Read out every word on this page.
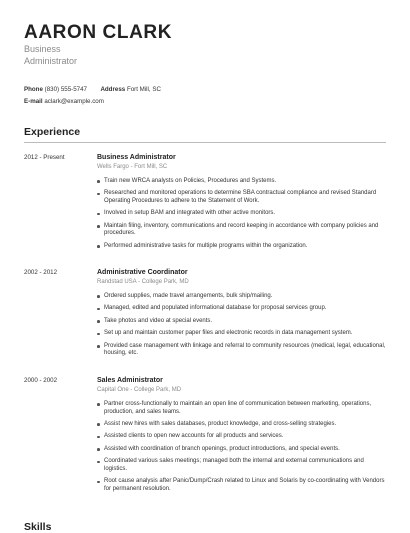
AARON CLARK
Business
Administrator
Phone (830) 555-5747 Address Fort Mill, SC
E-mail aclark@example.com
Experience
2012 - Present	Business Administrator
Wells Fargo - Fort Mill, SC
Train new WRCA analysts on Policies, Procedures and Systems.
Researched and monitored operations to determine SBA contractual compliance and revised Standard Operating Procedures to adhere to the Statement of Work.
Involved in setup BAM and integrated with other active monitors.
Maintain filing, inventory, communications and record keeping in accordance with company policies and procedures.
Performed administrative tasks for multiple programs within the organization.
2002 - 2012	Administrative Coordinator
Randstad USA - College Park, MD
Ordered supplies, made travel arrangements, bulk ship/mailing.
Managed, edited and populated informational database for proposal services group.
Take photos and video at special events.
Set up and maintain customer paper files and electronic records in data management system.
Provided case management with linkage and referral to community resources (medical, legal, educational, housing, etc.
2000 - 2002	Sales Administrator
Capital One - College Park, MD
Partner cross-functionally to maintain an open line of communication between marketing, operations, production, and sales teams.
Assist new hires with sales databases, product knowledge, and cross-selling strategies.
Assisted clients to open new accounts for all products and services.
Assisted with coordination of branch openings, product introductions, and special events.
Coordinated various sales meetings; managed both the internal and external communications and logistics.
Root cause analysis after Panic/Dump/Crash related to Linux and Solaris by co-coordinating with Vendors for permanent resolution.
Skills
